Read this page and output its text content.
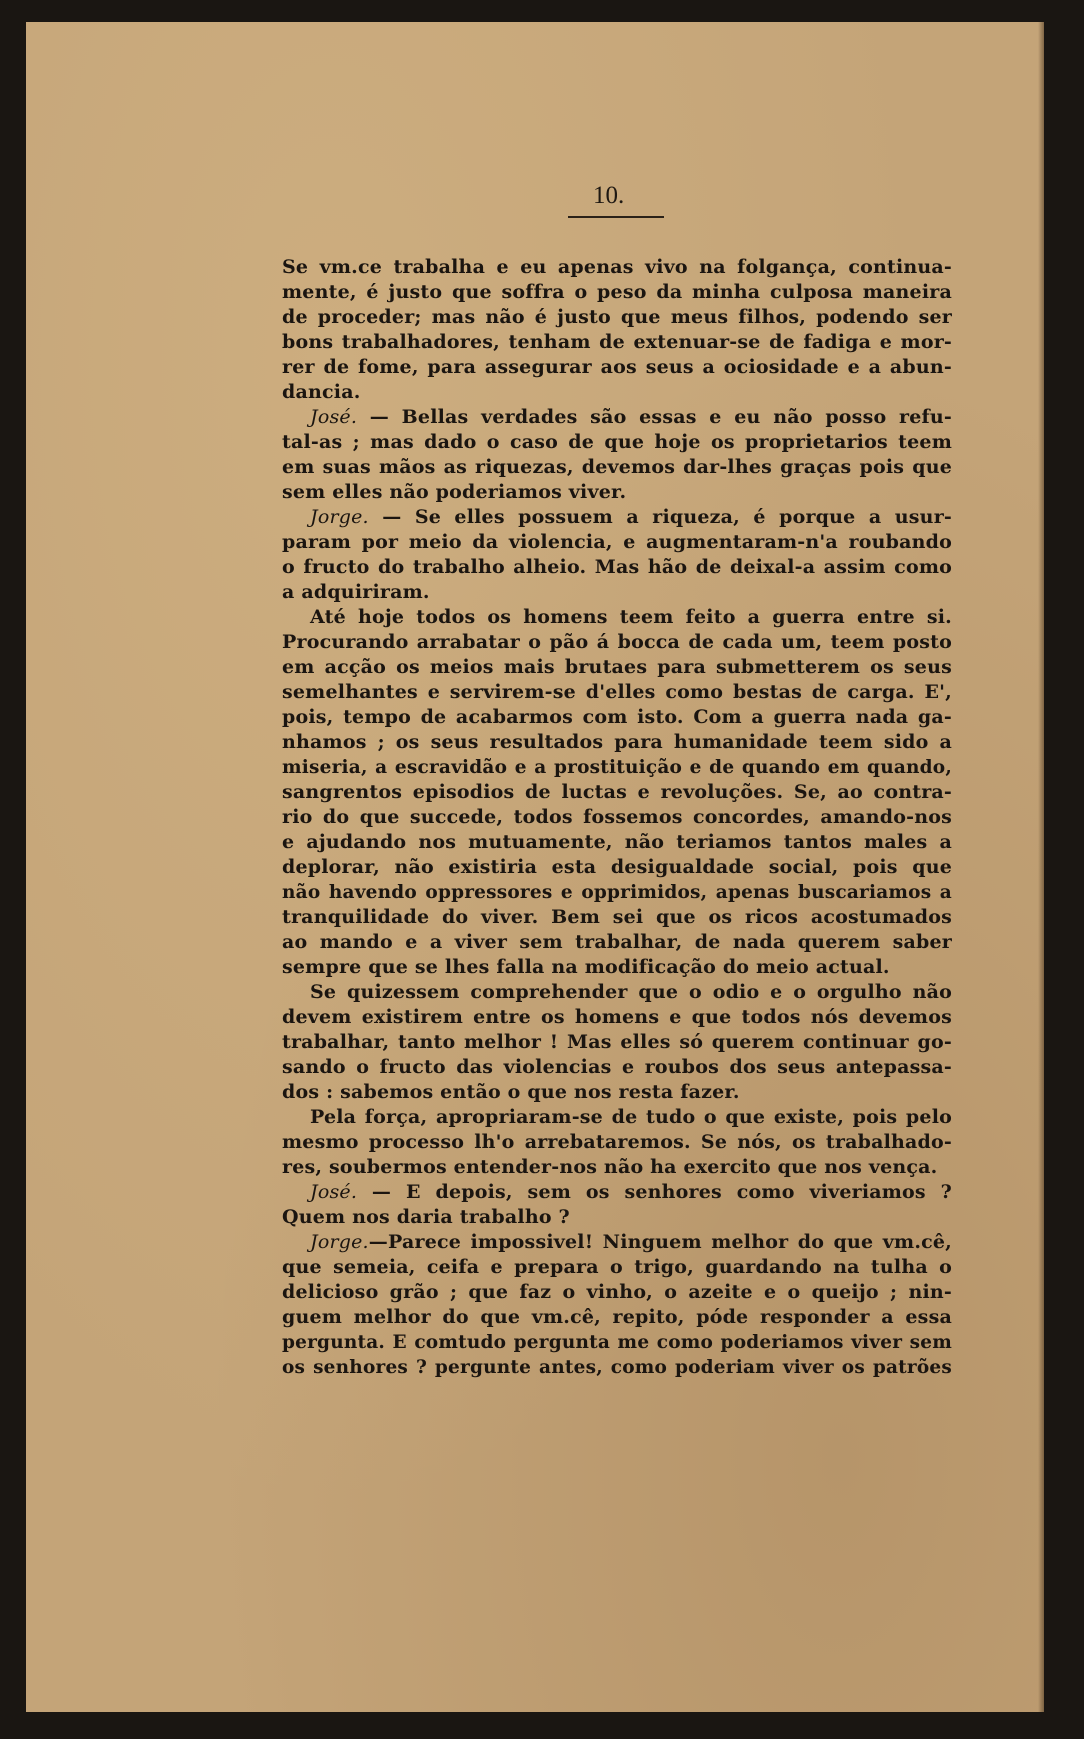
10.

Se vm.ce trabalha e eu apenas vivo na folgança, continua-
mente, é justo que soffra o peso da minha culposa maneira
de proceder; mas não é justo que meus filhos, podendo ser
bons trabalhadores, tenham de extenuar-se de fadiga e mor-
rer de fome, para assegurar aos seus a ociosidade e a abun-
dancia.
José. — Bellas verdades são essas e eu não posso refu-
tal-as ; mas dado o caso de que hoje os proprietarios teem
em suas mãos as riquezas, devemos dar-lhes graças pois que
sem elles não poderiamos viver.
Jorge. — Se elles possuem a riqueza, é porque a usur-
param por meio da violencia, e augmentaram-n'a roubando
o fructo do trabalho alheio. Mas hão de deixal-a assim como
a adquiriram.
Até hoje todos os homens teem feito a guerra entre si.
Procurando arrabatar o pão á bocca de cada um, teem posto
em acção os meios mais brutaes para submetterem os seus
semelhantes e servirem-se d'elles como bestas de carga. E',
pois, tempo de acabarmos com isto. Com a guerra nada ga-
nhamos ; os seus resultados para humanidade teem sido a
miseria, a escravidão e a prostituição e de quando em quando,
sangrentos episodios de luctas e revoluções. Se, ao contra-
rio do que succede, todos fossemos concordes, amando-nos
e ajudando nos mutuamente, não teriamos tantos males a
deplorar, não existiria esta desigualdade social, pois que
não havendo oppressores e opprimidos, apenas buscariamos a
tranquilidade do viver. Bem sei que os ricos acostumados
ao mando e a viver sem trabalhar, de nada querem saber
sempre que se lhes falla na modificação do meio actual.
Se quizessem comprehender que o odio e o orgulho não
devem existirem entre os homens e que todos nós devemos
trabalhar, tanto melhor ! Mas elles só querem continuar go-
sando o fructo das violencias e roubos dos seus antepassa-
dos : sabemos então o que nos resta fazer.
Pela força, apropriaram-se de tudo o que existe, pois pelo
mesmo processo lh'o arrebataremos. Se nós, os trabalhado-
res, soubermos entender-nos não ha exercito que nos vença.
José. — E depois, sem os senhores como viveriamos ?
Quem nos daria trabalho ?
Jorge.—Parece impossivel! Ninguem melhor do que vm.cê,
que semeia, ceifa e prepara o trigo, guardando na tulha o
delicioso grão ; que faz o vinho, o azeite e o queijo ; nin-
guem melhor do que vm.cê, repito, póde responder a essa
pergunta. E comtudo pergunta me como poderiamos viver sem
os senhores ? pergunte antes, como poderiam viver os patrões
